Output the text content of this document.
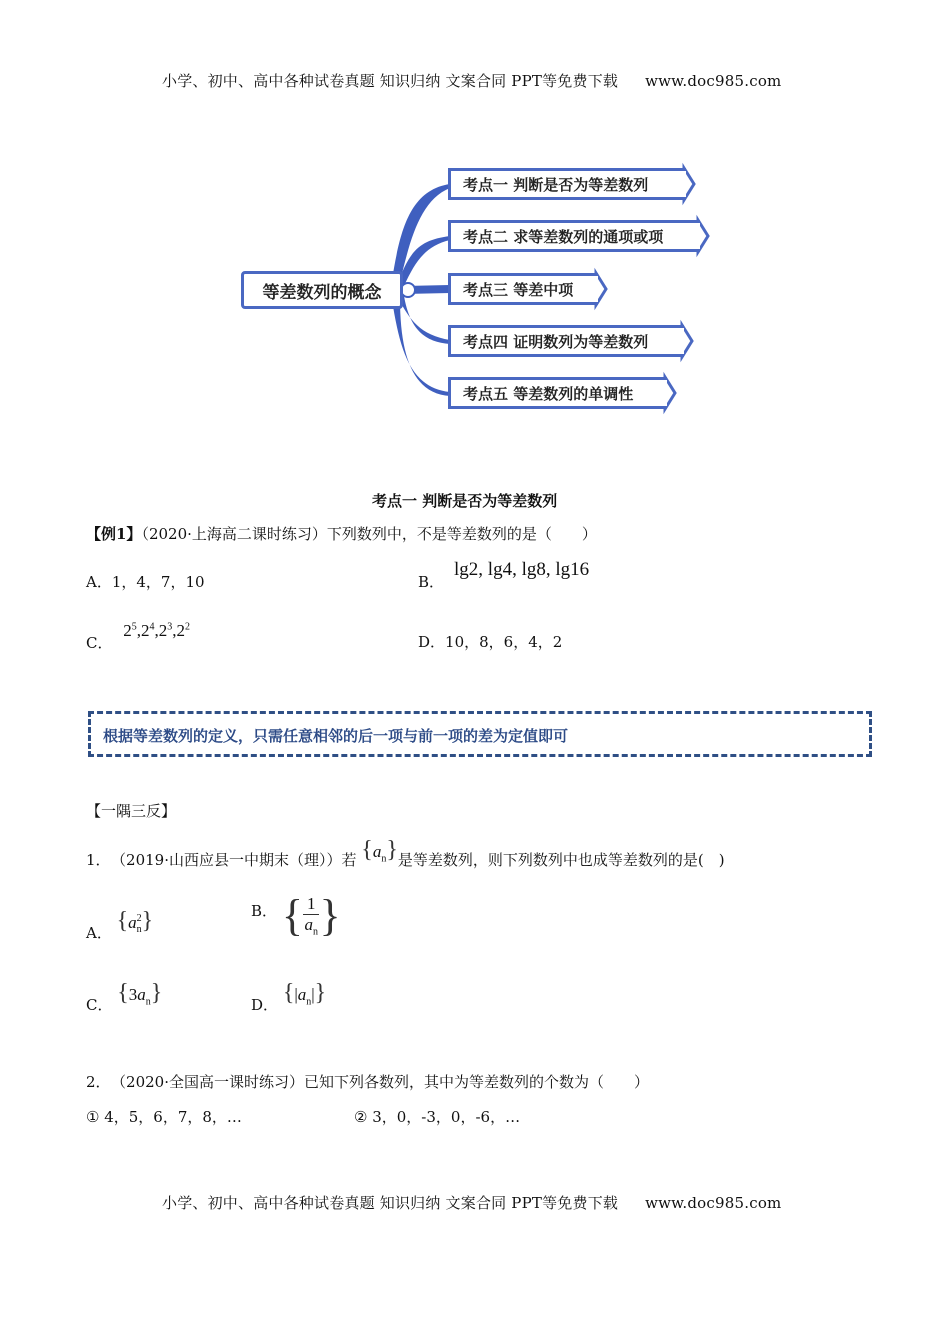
小学、初中、高中各种试卷真题 知识归纳 文案合同 PPT等免费下载 www.doc985.com
等差数列的概念
考点一 判断是否为等差数列
考点二 求等差数列的通项或项
考点三 等差中项
考点四 证明数列为等差数列
考点五 等差数列的单调性
考点一 判断是否为等差数列
【例1】（2020·上海高二课时练习）下列数列中，不是等差数列的是（　　）
A．1，4，7，10	B．lg2, lg4, lg8, lg16
C． $2^5,2^4,2^3,2^2$
D．10，8，6，4，2
根据等差数列的定义，只需任意相邻的后一项与前一项的差为定值即可
【一隅三反】
1． （2019·山西应县一中期末（理））若 $\{a_n\}$是等差数列，则下列数列中也成等差数列的是(　)
A． {a 2
n }	B． { 1
$a_n$ }
C． $\{3a_n\}$	D． $\{|a_n|\}$
2． （2020·全国高一课时练习）已知下列各数列，其中为等差数列的个数为（　　）
① 4，5，6，7，8，…	② 3，0，-3，0，-6，…
小学、初中、高中各种试卷真题 知识归纳 文案合同 PPT等免费下载 www.doc985.com
